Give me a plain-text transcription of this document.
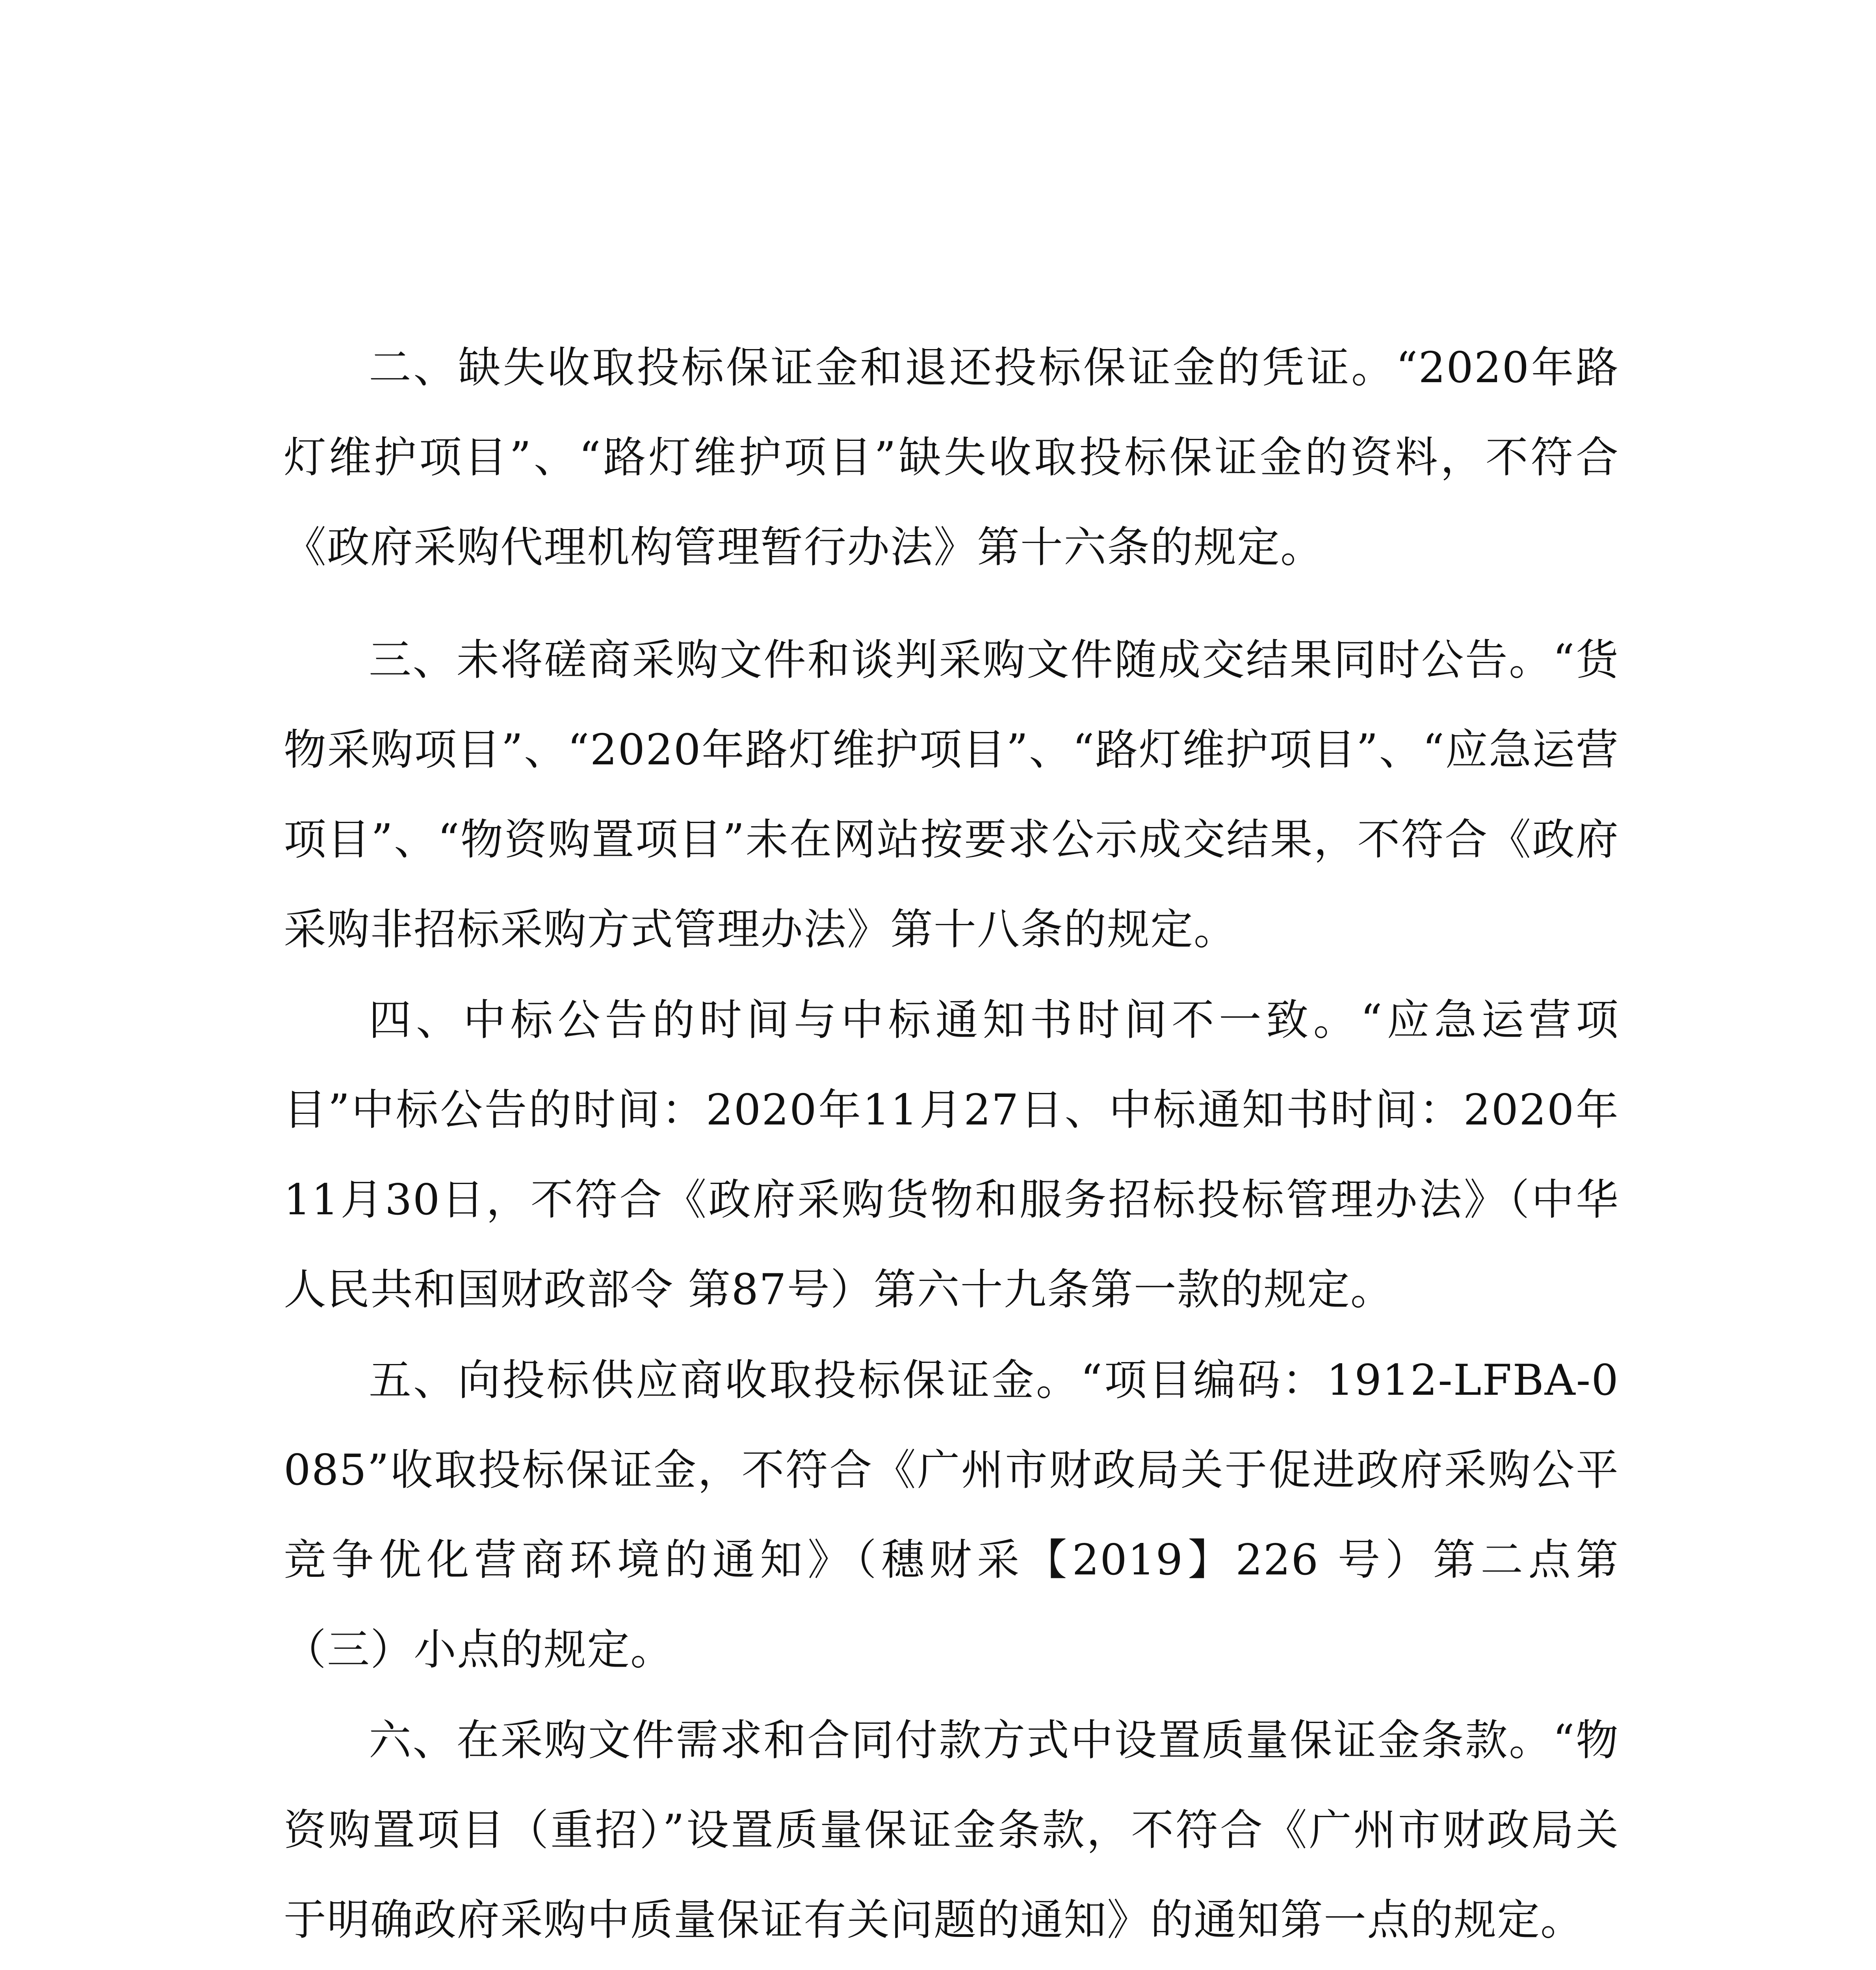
二、缺失收取投标保证金和退还投标保证金的凭证。“2020年路灯维护项目”、“路灯维护项目”缺失收取投标保证金的资料，不符合《政府采购代理机构管理暂行办法》第十六条的规定。

三、未将磋商采购文件和谈判采购文件随成交结果同时公告。“货物采购项目”、“2020年路灯维护项目”、“路灯维护项目”、“应急运营项目”、“物资购置项目”未在网站按要求公示成交结果，不符合《政府采购非招标采购方式管理办法》第十八条的规定。

四、中标公告的时间与中标通知书时间不一致。“应急运营项目”中标公告的时间：2020年11月27日、中标通知书时间：2020年11月30日，不符合《政府采购货物和服务招标投标管理办法》（中华人民共和国财政部令 第87号）第六十九条第一款的规定。

五、向投标供应商收取投标保证金。“项目编码：1912-LFBA-0085”收取投标保证金，不符合《广州市财政局关于促进政府采购公平竞争优化营商环境的通知》（穗财采【2019】226 号）第二点第（三）小点的规定。

六、在采购文件需求和合同付款方式中设置质量保证金条款。“物资购置项目（重招）”设置质量保证金条款，不符合《广州市财政局关于明确政府采购中质量保证有关问题的通知》的通知第一点的规定。
